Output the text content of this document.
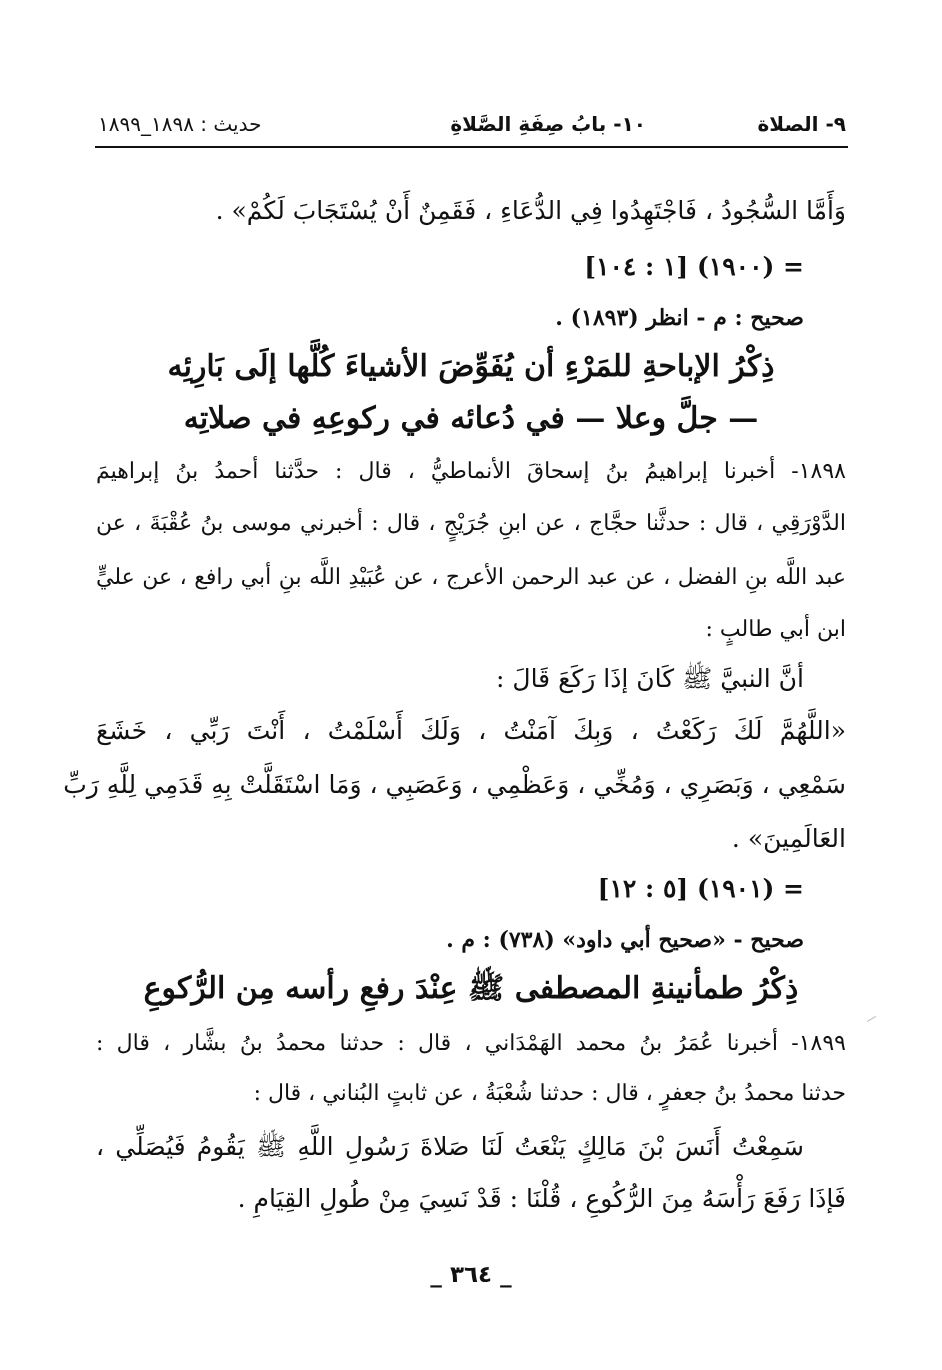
٩- الصلاة
١٠- بابُ صِفَةِ الصَّلاةِ
حديث : ١٨٩٨_١٨٩٩
وَأَمَّا السُّجُودُ ، فَاجْتَهِدُوا فِي الدُّعَاءِ ، فَقَمِنٌ أَنْ يُسْتَجَابَ لَكُمْ» .
= (١٩٠٠) [١ : ١٠٤]
صحيح : م - انظر (١٨٩٣) .
ذِكْرُ الإباحةِ للمَرْءِ أن يُفَوِّضَ الأشياءَ كُلَّها إلَى بَارِئِه
— جلَّ وعلا — في دُعائه في ركوعِهِ في صلاتِه
١٨٩٨- أخبرنا إبراهيمُ بنُ إسحاقَ الأنماطيُّ ، قال : حدَّثنا أحمدُ بنُ إبراهيمَ
الدَّوْرَقِي ، قال : حدثَّنا حجَّاج ، عن ابنِ جُرَيْجٍ ، قال : أخبرني موسى بنُ عُقْبَةَ ، عن
عبد اللَّه بنِ الفضل ، عن عبد الرحمن الأعرج ، عن عُبَيْدِ اللَّه بنِ أبي رافع ، عن عليٍّ
ابن أبي طالبٍ :
أنَّ النبيَّ ﷺ كَانَ إذَا رَكَعَ قَالَ :
«اللَّهُمَّ لَكَ رَكَعْتُ ، وَبِكَ آمَنْتُ ، وَلَكَ أَسْلَمْتُ ، أَنْتَ رَبِّي ، خَشَعَ
سَمْعِي ، وَبَصَرِي ، وَمُخِّي ، وَعَظْمِي ، وَعَصَبِي ، وَمَا اسْتَقَلَّتْ بِهِ قَدَمِي لِلَّهِ رَبِّ
العَالَمِينَ» .
= (١٩٠١) [٥ : ١٢]
صحيح - «صحيح أبي داود» (٧٣٨) : م .
ذِكْرُ طمأنينةِ المصطفى ﷺ عِنْدَ رفعِ رأسه مِن الرُّكوعِ
١٨٩٩- أخبرنا عُمَرُ بنُ محمد الهَمْدَاني ، قال : حدثنا محمدُ بنُ بشَّار ، قال :
حدثنا محمدُ بنُ جعفرٍ ، قال : حدثنا شُعْبَةُ ، عن ثابتٍ البُناني ، قال :
سَمِعْتُ أَنَسَ بْنَ مَالِكٍ يَنْعَتُ لَنَا صَلاةَ رَسُولِ اللَّهِ ﷺ يَقُومُ فَيُصَلِّي ،
فَإذَا رَفَعَ رَأْسَهُ مِنَ الرُّكُوعِ ، قُلْنَا : قَدْ نَسِيَ مِنْ طُولِ القِيَامِ .
_ ٣٦٤ _
